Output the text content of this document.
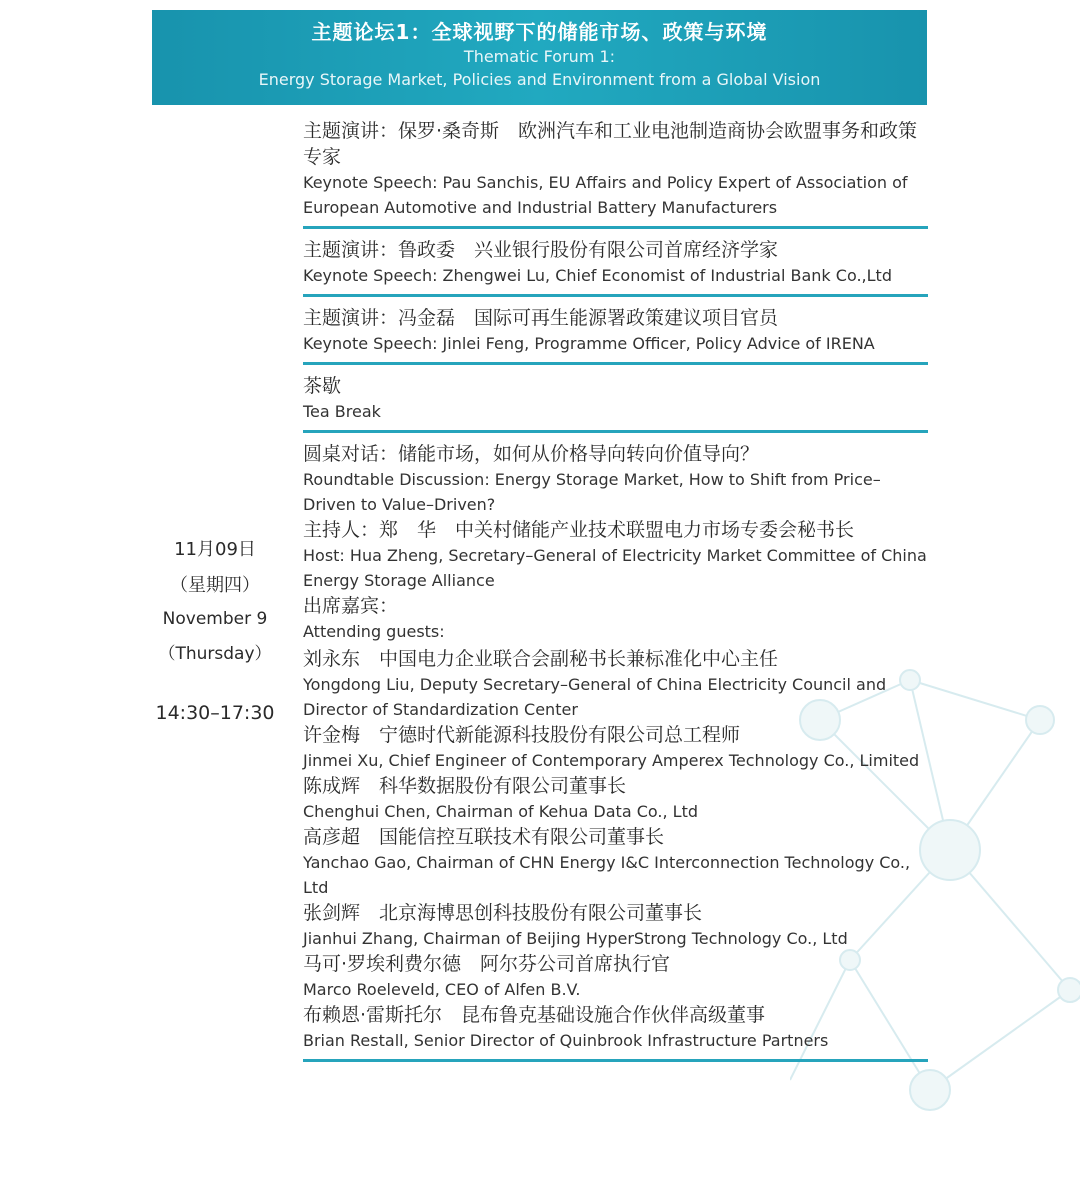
主题论坛1：全球视野下的储能市场、政策与环境
Thematic Forum 1:
Energy Storage Market, Policies and Environment from a Global Vision
11月09日
（星期四）
November 9
（Thursday）
14:30–17:30
主题演讲：保罗·桑奇斯　欧洲汽车和工业电池制造商协会欧盟事务和政策专家
Keynote Speech: Pau Sanchis, EU Affairs and Policy Expert of Association of European Automotive and Industrial Battery Manufacturers
主题演讲：鲁政委　兴业银行股份有限公司首席经济学家
Keynote Speech: Zhengwei Lu, Chief Economist of Industrial Bank Co.,Ltd
主题演讲：冯金磊　国际可再生能源署政策建议项目官员
Keynote Speech: Jinlei Feng, Programme Officer, Policy Advice of IRENA
茶歇
Tea Break
圆桌对话：储能市场，如何从价格导向转向价值导向？
Roundtable Discussion: Energy Storage Market, How to Shift from Price–Driven to Value–Driven?
主持人：郑　华　中关村储能产业技术联盟电力市场专委会秘书长
Host: Hua Zheng, Secretary–General of Electricity Market Committee of China Energy Storage Alliance
出席嘉宾：
Attending guests:
刘永东　中国电力企业联合会副秘书长兼标准化中心主任
Yongdong Liu, Deputy Secretary–General of China Electricity Council and Director of Standardization Center
许金梅　宁德时代新能源科技股份有限公司总工程师
Jinmei Xu, Chief Engineer of Contemporary Amperex Technology Co., Limited
陈成辉　科华数据股份有限公司董事长
Chenghui Chen, Chairman of Kehua Data Co., Ltd
高彦超　国能信控互联技术有限公司董事长
Yanchao Gao, Chairman of CHN Energy I&C Interconnection Technology Co., Ltd
张剑辉　北京海博思创科技股份有限公司董事长
Jianhui Zhang, Chairman of Beijing HyperStrong Technology Co., Ltd
马可·罗埃利费尔德　阿尔芬公司首席执行官
Marco Roeleveld, CEO of Alfen B.V.
布赖恩·雷斯托尔　昆布鲁克基础设施合作伙伴高级董事
Brian Restall, Senior Director of Quinbrook Infrastructure Partners
